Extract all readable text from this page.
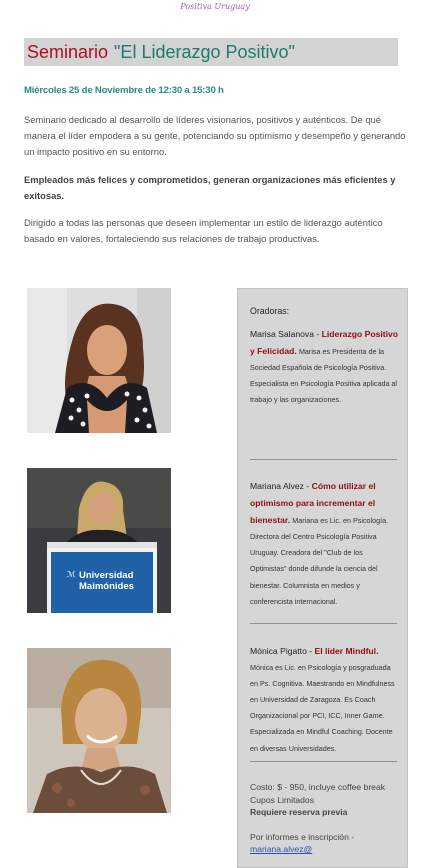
Positiva Uruguay
Seminario "El Liderazgo Positivo"
Miércoles 25 de Noviembre de 12:30 a 15:30 h
Seminario dedicado al desarrollo de líderes visionarios, positivos y auténticos. De qué manera el líder empodera a su gente, potenciando su optimismo y desempeño y generando un impacto positivo en su entorno.
Empleados más felices y comprometidos, generan organizaciones más eficientes y exitosas.
Dirigido a todas las personas que deseen implementar un estilo de liderazgo auténtico basado en valores, fortaleciendo sus relaciones de trabajo productivas.
ℳ Universidad
Maimónides
Oradoras:
Marisa Salanova - Liderazgo Positivo y Felicidad. Marisa es Presidenta de la Sociedad Española de Psicología Positiva. Especialista en Psicología Positiva aplicada al trabajo y las organizaciones.
Mariana Alvez - Cómo utilizar el optimismo para incrementar el bienestar. Mariana es Lic. en Psicología. Directora del Centro Psicología Positiva Uruguay. Creadora del "Club de los Optimistas" donde difunde la ciencia del bienestar. Columnista en medios y conferencista internacional.
Mónica Pigatto - El líder Mindful. Mónica es Lic. en Psicología y posgraduada en Ps. Cognitiva. Maestrando en Mindfulness en Universidad de Zaragoza. Es Coach Organizacional por PCI, ICC, Inner Game. Especializada en Mindful Coaching. Docente en diversas Universidades.
Costo: $ - 950, incluye coffee break
Cupos Limitados
Requiere reserva previa
Por informes e inscripción -
mariana.alvez@
